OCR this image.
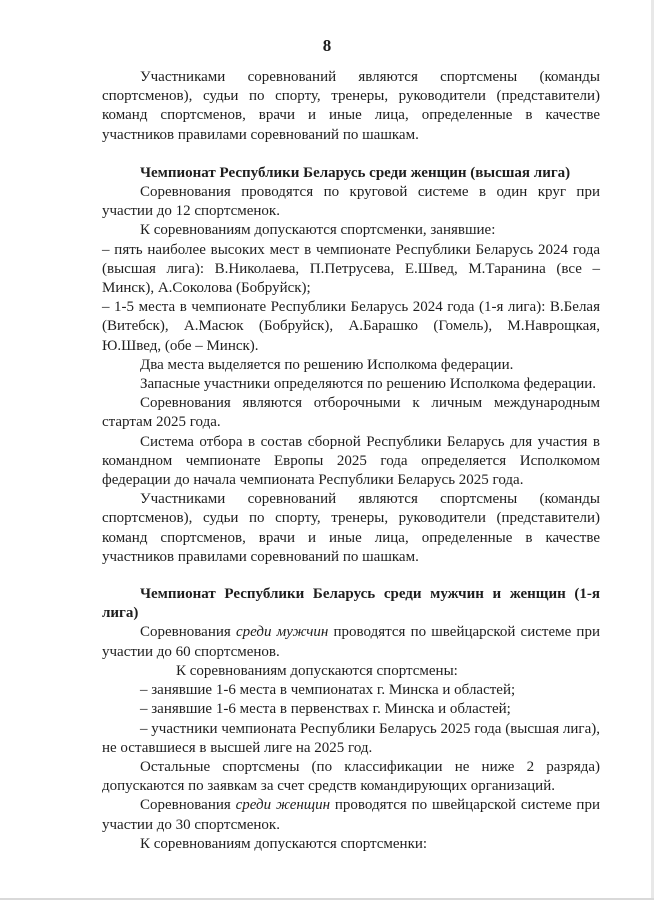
8

Участниками соревнований являются спортсмены (команды спортсменов), судьи по спорту, тренеры, руководители (представители) команд спортсменов, врачи и иные лица, определенные в качестве участников правилами соревнований по шашкам.

Чемпионат Республики Беларусь среди женщин (высшая лига)

Соревнования проводятся по круговой системе в один круг при участии до 12 спортсменок.

К соревнованиям допускаются спортсменки, занявшие:

– пять наиболее высоких мест в чемпионате Республики Беларусь 2024 года (высшая лига): В.Николаева, П.Петрусева, Е.Швед, М.Таранина (все – Минск), А.Соколова (Бобруйск);

– 1-5 места в чемпионате Республики Беларусь 2024 года (1-я лига): В.Белая (Витебск), А.Масюк (Бобруйск), А.Барашко (Гомель), М.Наврощкая, Ю.Швед, (обе – Минск).

Два места выделяется по решению Исполкома федерации.

Запасные участники определяются по решению Исполкома федерации.

Соревнования являются отборочными к личным международным стартам 2025 года.

Система отбора в состав сборной Республики Беларусь для участия в командном чемпионате Европы 2025 года определяется Исполкомом федерации до начала чемпионата Республики Беларусь 2025 года.

Участниками соревнований являются спортсмены (команды спортсменов), судьи по спорту, тренеры, руководители (представители) команд спортсменов, врачи и иные лица, определенные в качестве участников правилами соревнований по шашкам.

Чемпионат Республики Беларусь среди мужчин и женщин (1-я лига)

Соревнования среди мужчин проводятся по швейцарской системе при участии до 60 спортсменов.

К соревнованиям допускаются спортсмены:

– занявшие 1-6 места в чемпионатах г. Минска и областей;

– занявшие 1-6 места в первенствах г. Минска и областей;

– участники чемпионата Республики Беларусь 2025 года (высшая лига), не оставшиеся в высшей лиге на 2025 год.

Остальные спортсмены (по классификации не ниже 2 разряда) допускаются по заявкам за счет средств командирующих организаций.

Соревнования среди женщин проводятся по швейцарской системе при участии до 30 спортсменок.

К соревнованиям допускаются спортсменки:
